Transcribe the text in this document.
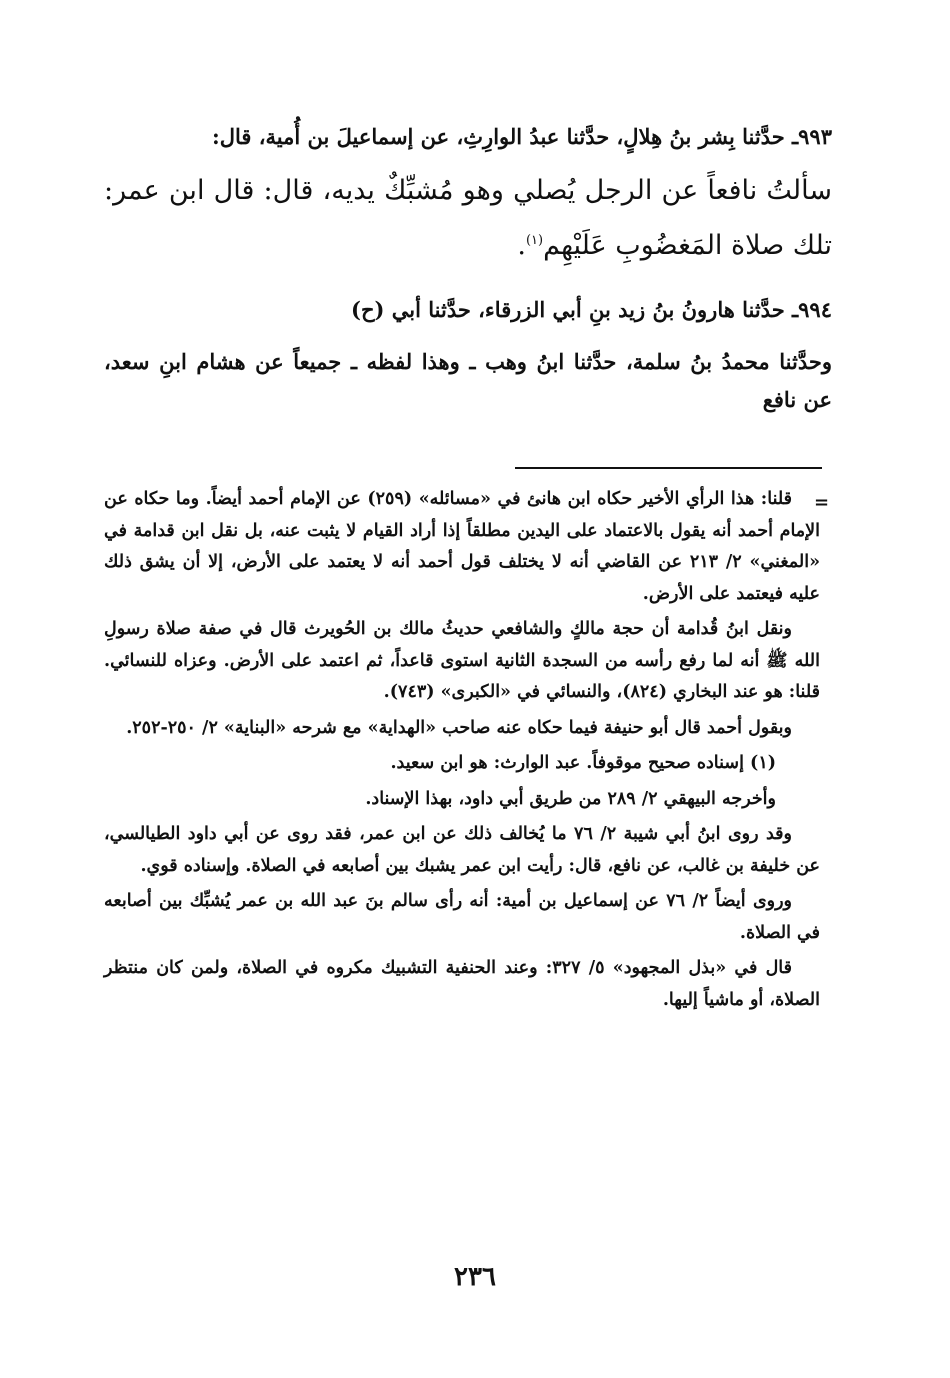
٩٩٣ـ حدَّثنا بِشر بنُ هِلالٍ، حدَّثنا عبدُ الوارِثِ، عن إسماعيلَ بن أُمية، قال:

سألتُ نافعاً عن الرجل يُصلي وهو مُشبِّكٌ يديه، قال: قال ابن عمر: تلك صلاة المَغضُوبِ عَلَيْهِم$^{(١)}$.

٩٩٤ـ حدَّثنا هارونُ بنُ زيد بنِ أبي الزرقاء، حدَّثنا أبي (ح)

وحدَّثنا محمدُ بنُ سلمة، حدَّثنا ابنُ وهب ـ وهذا لفظه ـ جميعاً عن هشام ابنِ سعد، عن نافع

=

قلنا: هذا الرأي الأخير حكاه ابن هانئ في «مسائله» (٢٥٩) عن الإمام أحمد أيضاً. وما حكاه عن الإمام أحمد أنه يقول بالاعتماد على اليدين مطلقاً إذا أراد القيام لا يثبت عنه، بل نقل ابن قدامة في «المغني» ٢/ ٢١٣ عن القاضي أنه لا يختلف قول أحمد أنه لا يعتمد على الأرض، إلا أن يشق ذلك عليه فيعتمد على الأرض.

ونقل ابنُ قُدامة أن حجة مالكٍ والشافعي حديثُ مالك بن الحُويرث قال في صفة صلاة رسولِ الله ﷺ أنه لما رفع رأسه من السجدة الثانية استوى قاعداً، ثم اعتمد على الأرض. وعزاه للنسائي. قلنا: هو عند البخاري (٨٢٤)، والنسائي في «الكبرى» (٧٤٣).

وبقول أحمد قال أبو حنيفة فيما حكاه عنه صاحب «الهداية» مع شرحه «البناية» ٢/ ٢٥٠-٢٥٢.

(١) إسناده صحيح موقوفاً. عبد الوارث: هو ابن سعيد.

وأخرجه البيهقي ٢/ ٢٨٩ من طريق أبي داود، بهذا الإسناد.

وقد روى ابنُ أبي شيبة ٢/ ٧٦ ما يُخالف ذلك عن ابن عمر، فقد روى عن أبي داود الطيالسي، عن خليفة بن غالب، عن نافع، قال: رأيت ابن عمر يشبك بين أصابعه في الصلاة. وإسناده قوي.

وروى أيضاً ٢/ ٧٦ عن إسماعيل بن أمية: أنه رأى سالم بنَ عبد الله بن عمر يُشبِّك بين أصابعه في الصلاة.

قال في «بذل المجهود» ٥/ ٣٢٧: وعند الحنفية التشبيك مكروه في الصلاة، ولمن كان منتظر الصلاة، أو ماشياً إليها.

٢٣٦
